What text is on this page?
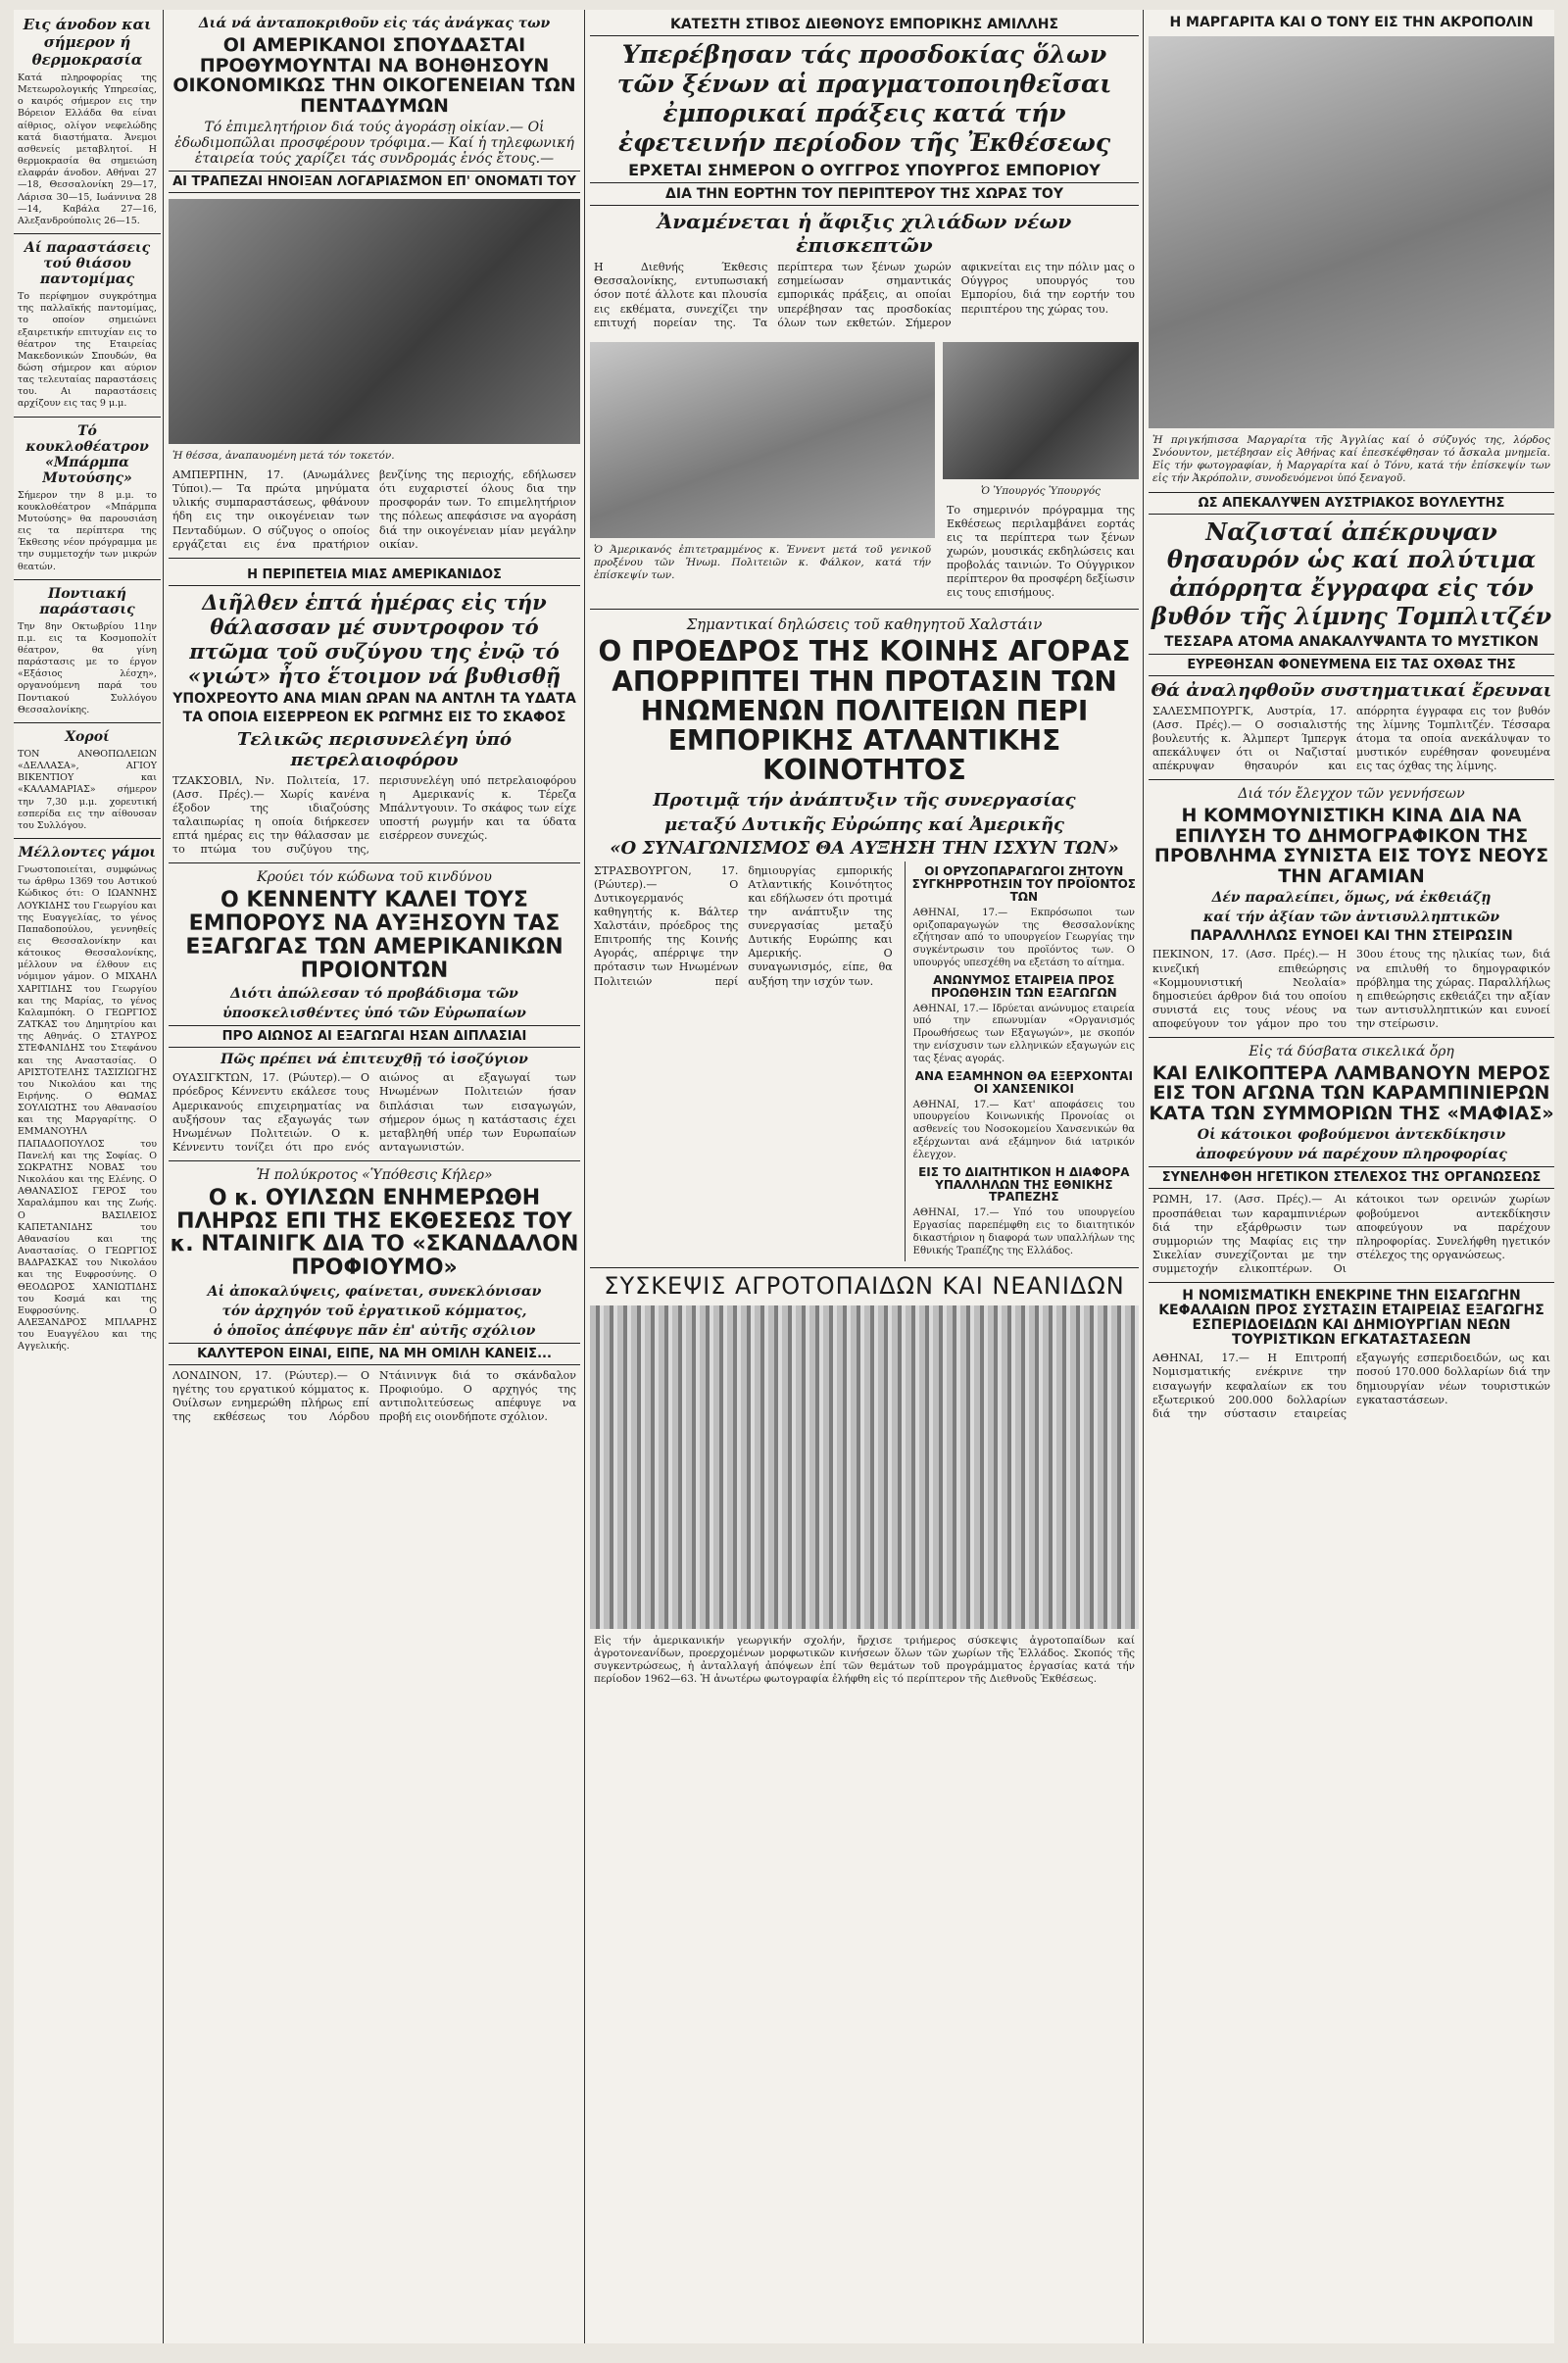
Εις άνοδον και σήμερον ή θερμοκρασία
Κατά πληροφορίας της Μετεωρολογικής Υπηρεσίας, ο καιρός σήμερον εις την Βόρειον Ελλάδα θα είναι αίθριος, ολίγον νεφελώδης κατά διαστήματα. Άνεμοι ασθενείς μεταβλητοί. Η θερμοκρασία θα σημειώση ελαφράν άνοδον. Αθήναι 27—18, Θεσσαλονίκη 29—17, Λάρισα 30—15, Ιωάννινα 28—14, Καβάλα 27—16, Αλεξανδρούπολις 26—15.
Αί παραστάσεις τού θιάσου παντομίμας
Το περίφημον συγκρότημα της παλλαϊκής παντομίμας, το οποίον σημειώνει εξαιρετικήν επιτυχίαν εις το θέατρον της Εταιρείας Μακεδονικών Σπουδών, θα δώση σήμερον και αύριον τας τελευταίας παραστάσεις του. Αι παραστάσεις αρχίζουν εις τας 9 μ.μ.
Τό κουκλοθέατρον «Μπάρμπα Μυτούσης»
Σήμερον την 8 μ.μ. το κουκλοθέατρον «Μπάρμπα Μυτούσης» θα παρουσιάση εις τα περίπτερα της Έκθεσης νέον πρόγραμμα με την συμμετοχήν των μικρών θεατών.
Ποντιακή παράστασις
Την 8ην Οκτωβρίου 11ην π.μ. εις τα Κοσμοπολίτ θέατρον, θα γίνη παράστασις με το έργον «Εξάσιος λέσχη», οργανούμενη παρά του Ποντιακού Συλλόγου Θεσσαλονίκης.
Χοροί
ΤΟΝ ΑΝΘΟΠΩΛΕΙΩΝ «ΔΕΛΛΑΣΑ», ΑΓΙΟΥ ΒΙΚΕΝΤΙΟΥ και «ΚΑΛΑΜΑΡΙΑΣ» σήμερον την 7,30 μ.μ. χορευτική εσπερίδα εις την αίθουσαν του Συλλόγου.
Μέλλοντες γάμοι
Γνωστοποιείται, συμφώνως τω άρθρω 1369 του Αστικού Κώδικος ότι: Ο ΙΩΑΝΝΗΣ ΛΟΥΚΙΔΗΣ του Γεωργίου και της Ευαγγελίας, το γένος Παπαδοπούλου, γεννηθείς εις Θεσσαλονίκην και κάτοικος Θεσσαλονίκης, μέλλουν να έλθουν εις νόμιμον γάμον. Ο ΜΙΧΑΗΛ ΧΑΡΙΤΙΔΗΣ του Γεωργίου και της Μαρίας, το γένος Καλαμπόκη. Ο ΓΕΩΡΓΙΟΣ ΖΑΤΚΑΣ του Δημητρίου και της Αθηνάς. Ο ΣΤΑΥΡΟΣ ΣΤΕΦΑΝΙΔΗΣ του Στεφάνου και της Αναστασίας. Ο ΑΡΙΣΤΟΤΕΛΗΣ ΤΑΣΙΖΙΩΓΗΣ του Νικολάου και της Ειρήνης. Ο ΘΩΜΑΣ ΣΟΥΛΙΩΤΗΣ του Αθανασίου και της Μαργαρίτης. Ο ΕΜΜΑΝΟΥΗΛ ΠΑΠΑΔΟΠΟΥΛΟΣ του Πανελή και της Σοφίας. Ο ΣΩΚΡΑΤΗΣ ΝΟΒΑΣ του Νικολάου και της Ελένης. Ο ΑΘΑΝΑΣΙΟΣ ΓΕΡΟΣ του Χαραλάμπου και της Ζωής. Ο ΒΑΣΙΛΕΙΟΣ ΚΑΠΕΤΑΝΙΔΗΣ του Αθανασίου και της Αναστασίας. Ο ΓΕΩΡΓΙΟΣ ΒΑΔΡΑΣΚΑΣ του Νικολάου και της Ευφροσύνης. Ο ΘΕΟΔΩΡΟΣ ΧΑΝΙΩΤΙΔΗΣ του Κοσμά και της Ευφροσύνης. Ο ΑΛΕΞΑΝΔΡΟΣ ΜΠΛΑΡΗΣ του Ευαγγέλου και της Αγγελικής.
Διά νά ἀνταποκριθοῦν εἰς τάς ἀνάγκας των
ΟΙ ΑΜΕΡΙΚΑΝΟΙ ΣΠΟΥΔΑΣΤΑΙ ΠΡΟΘΥΜΟΥΝΤΑΙ ΝΑ ΒΟΗΘΗΣΟΥΝ ΟΙΚΟΝΟΜΙΚΩΣ ΤΗΝ ΟΙΚΟΓΕΝΕΙΑΝ ΤΩΝ ΠΕΝΤΑΔΥΜΩΝ
Τό ἐπιμελητήριον διά τούς ἀγοράσῃ οἰκίαν.— Οἱ ἐδωδιμοπῶλαι προσφέρουν τρόφιμα.— Καί ἡ τηλεφωνική ἑταιρεία τούς χαρίζει τάς συνδρομάς ἑνός ἔτους.—
ΑΙ ΤΡΑΠΕΖΑΙ ΗΝΟΙΞΑΝ ΛΟΓΑΡΙΑΣΜΟΝ ΕΠ' ΟΝΟΜΑΤΙ ΤΟΥ
Ἡ θέσσα, ἀναπαυομένη μετά τόν τοκετόν.
ΑΜΠΕΡΠΗΝ, 17. (Ανωμάλνες Τύποι).— Τα πρώτα μηνύματα υλικής συμπαραστάσεως, φθάνουν ήδη εις την οικογένειαν των Πενταδύμων. Ο σύζυγος ο οποίος εργάζεται εις ένα πρατήριον βενζίνης της περιοχής, εδήλωσεν ότι ευχαριστεί όλους δια την προσφοράν των. Το επιμελητήριον της πόλεως απεφάσισε να αγοράση διά την οικογένειαν μίαν μεγάλην οικίαν.
Η ΠΕΡΙΠΕΤΕΙΑ ΜΙΑΣ ΑΜΕΡΙΚΑΝΙΔΟΣ
Διῆλθεν ἑπτά ἡμέρας εἰς τήν θάλασσαν μέ συντροφον τό πτῶμα τοῦ συζύγου της ἐνῷ τό «γιώτ» ἦτο ἕτοιμον νά βυθισθῇ
ΥΠΟΧΡΕΟΥΤΟ ΑΝΑ ΜΙΑΝ ΩΡΑΝ ΝΑ ΑΝΤΛΗ ΤΑ ΥΔΑΤΑ
ΤΑ ΟΠΟΙΑ ΕΙΣΕΡΡΕΟΝ ΕΚ ΡΩΓΜΗΣ ΕΙΣ ΤΟ ΣΚΑΦΟΣ
Τελικῶς περισυνελέγη ὑπό πετρελαιοφόρου
ΤΖΑΚΣΟΒΙΛ, Νν. Πολιτεία, 17. (Ασσ. Πρές).— Χωρίς κανένα έξοδον της ιδιαζούσης ταλαιπωρίας η οποία διήρκεσεν επτά ημέρας εις την θάλασσαν με το πτώμα του συζύγου της, περισυνελέγη υπό πετρελαιοφόρου η Αμερικανίς κ. Τέρεζα Μπάλντγουιν. Το σκάφος των είχε υποστή ρωγμήν και τα ύδατα εισέρρεον συνεχώς.
Κρούει τόν κώδωνα τοῦ κινδύνου
Ο ΚΕΝΝΕΝΤΥ ΚΑΛΕΙ ΤΟΥΣ ΕΜΠΟΡΟΥΣ ΝΑ ΑΥΞΗΣΟΥΝ ΤΑΣ ΕΞΑΓΩΓΑΣ ΤΩΝ ΑΜΕΡΙΚΑΝΙΚΩΝ ΠΡΟΙΟΝΤΩΝ
Διότι ἀπώλεσαν τό προβάδισμα τῶν
ὑποσκελισθέντες ὑπό τῶν Εὐρωπαίων
ΠΡΟ ΑΙΩΝΟΣ ΑΙ ΕΞΑΓΩΓΑΙ ΗΣΑΝ ΔΙΠΛΑΣΙΑΙ
Πῶς πρέπει νά ἐπιτευχθῇ τό ἰσοζύγιον
ΟΥΑΣΙΓΚΤΩΝ, 17. (Ρώυτερ).— Ο πρόεδρος Κέννεντυ εκάλεσε τους Αμερικανούς επιχειρηματίας να αυξήσουν τας εξαγωγάς των Ηνωμένων Πολιτειών. Ο κ. Κέννεντυ τονίζει ότι προ ενός αιώνος αι εξαγωγαί των Ηνωμένων Πολιτειών ήσαν διπλάσιαι των εισαγωγών, σήμερον όμως η κατάστασις έχει μεταβληθή υπέρ των Ευρωπαίων ανταγωνιστών.
Ἡ πολύκροτος «Ὑπόθεσις Κήλερ»
Ο κ. ΟΥΙΛΣΩΝ ΕΝΗΜΕΡΩΘΗ ΠΛΗΡΩΣ ΕΠΙ ΤΗΣ ΕΚΘΕΣΕΩΣ ΤΟΥ κ. ΝΤΑΙΝΙΓΚ ΔΙΑ ΤΟ «ΣΚΑΝΔΑΛΟΝ ΠΡΟΦΙΟΥΜΟ»
Αἱ ἀποκαλύψεις, φαίνεται, συνεκλόνισαν
τόν ἀρχηγόν τοῦ ἐργατικοῦ κόμματος,
ὁ ὁποῖος ἀπέφυγε πᾶν ἐπ' αὐτῆς σχόλιον
ΚΑΛΥΤΕΡΟΝ ΕΙΝΑΙ, ΕΙΠΕ, ΝΑ ΜΗ ΟΜΙΛΗ ΚΑΝΕΙΣ...
ΛΟΝΔΙΝΟΝ, 17. (Ρώυτερ).— Ο ηγέτης του εργατικού κόμματος κ. Ουίλσων ενημερώθη πλήρως επί της εκθέσεως του Λόρδου Ντάινινγκ διά το σκάνδαλον Προφιούμο. Ο αρχηγός της αντιπολιτεύσεως απέφυγε να προβή εις οιονδήποτε σχόλιον.
ΚΑΤΕΣΤΗ ΣΤΙΒΟΣ ΔΙΕΘΝΟΥΣ ΕΜΠΟΡΙΚΗΣ ΑΜΙΛΛΗΣ
Υπερέβησαν τάς προσδοκίας ὅλων τῶν ξένων αἱ πραγματοποιηθεῖσαι ἐμπορικαί πράξεις κατά τήν ἐφετεινήν περίοδον τῆς Ἐκθέσεως
ΕΡΧΕΤΑΙ ΣΗΜΕΡΟΝ Ο ΟΥΓΓΡΟΣ ΥΠΟΥΡΓΟΣ ΕΜΠΟΡΙΟΥ
ΔΙΑ ΤΗΝ ΕΟΡΤΗΝ ΤΟΥ ΠΕΡΙΠΤΕΡΟΥ ΤΗΣ ΧΩΡΑΣ ΤΟΥ
Ἀναμένεται ἡ ἄφιξις χιλιάδων νέων ἐπισκεπτῶν
Η Διεθνής Έκθεσις Θεσσαλονίκης, εντυπωσιακή όσον ποτέ άλλοτε και πλουσία εις εκθέματα, συνεχίζει την επιτυχή πορείαν της. Τα περίπτερα των ξένων χωρών εσημείωσαν σημαντικάς εμπορικάς πράξεις, αι οποίαι υπερέβησαν τας προσδοκίας όλων των εκθετών. Σήμερον αφικνείται εις την πόλιν μας ο Ούγγρος υπουργός του Εμπορίου, διά την εορτήν του περιπτέρου της χώρας του.
Ὁ Ἀμερικανός ἐπιτετραμμένος κ. Ἐννεντ μετά τοῦ γενικοῦ προξένου τῶν Ἡνωμ. Πολιτειῶν κ. Φάλκον, κατά τήν ἐπίσκεψίν των.
Ὁ Ὑπουργός Ὑπουργός
Το σημερινόν πρόγραμμα της Εκθέσεως περιλαμβάνει εορτάς εις τα περίπτερα των ξένων χωρών, μουσικάς εκδηλώσεις και προβολάς ταινιών. Το Ούγγρικον περίπτερον θα προσφέρη δεξίωσιν εις τους επισήμους.
Σημαντικαί δηλώσεις τοῦ καθηγητοῦ Χαλστάιν
Ο ΠΡΟΕΔΡΟΣ ΤΗΣ ΚΟΙΝΗΣ ΑΓΟΡΑΣ ΑΠΟΡΡΙΠΤΕΙ ΤΗΝ ΠΡΟΤΑΣΙΝ ΤΩΝ ΗΝΩΜΕΝΩΝ ΠΟΛΙΤΕΙΩΝ ΠΕΡΙ ΕΜΠΟΡΙΚΗΣ ΑΤΛΑΝΤΙΚΗΣ ΚΟΙΝΟΤΗΤΟΣ
Προτιμᾷ τήν ἀνάπτυξιν τῆς συνεργασίας
μεταξύ Δυτικῆς Εὐρώπης καί Ἀμερικῆς
«Ο ΣΥΝΑΓΩΝΙΣΜΟΣ ΘΑ ΑΥΞΗΣΗ ΤΗΝ ΙΣΧΥΝ ΤΩΝ»
ΣΤΡΑΣΒΟΥΡΓΟΝ, 17. (Ρώυτερ).— Ο Δυτικογερμανός καθηγητής κ. Βάλτερ Χαλστάιν, πρόεδρος της Επιτροπής της Κοινής Αγοράς, απέρριψε την πρότασιν των Ηνωμένων Πολιτειών περί δημιουργίας εμπορικής Ατλαντικής Κοινότητος και εδήλωσεν ότι προτιμά την ανάπτυξιν της συνεργασίας μεταξύ Δυτικής Ευρώπης και Αμερικής. Ο συναγωνισμός, είπε, θα αυξήση την ισχύν των.
ΟΙ ΟΡΥΖΟΠΑΡΑΓΩΓΟΙ ΖΗΤΟΥΝ ΣΥΓΚΗΡΡΟΤΗΣΙΝ ΤΟΥ ΠΡΟΪΟΝΤΟΣ ΤΩΝ
ΑΘΗΝΑΙ, 17.— Εκπρόσωποι των οριζοπαραγωγών της Θεσσαλονίκης εζήτησαν από το υπουργείον Γεωργίας την συγκέντρωσιν του προϊόντος των. Ο υπουργός υπεσχέθη να εξετάση το αίτημα.
ΑΝΩΝΥΜΟΣ ΕΤΑΙΡΕΙΑ ΠΡΟΣ ΠΡΟΩΘΗΣΙΝ ΤΩΝ ΕΞΑΓΩΓΩΝ
ΑΘΗΝΑΙ, 17.— Ιδρύεται ανώνυμος εταιρεία υπό την επωνυμίαν «Οργανισμός Προωθήσεως των Εξαγωγών», με σκοπόν την ενίσχυσιν των ελληνικών εξαγωγών εις τας ξένας αγοράς.
ΑΝΑ ΕΞΑΜΗΝΟΝ ΘΑ ΕΞΕΡΧΟΝΤΑΙ ΟΙ ΧΑΝΣΕΝΙΚΟΙ
ΑΘΗΝΑΙ, 17.— Κατ' αποφάσεις του υπουργείου Κοινωνικής Προνοίας οι ασθενείς του Νοσοκομείου Χανσενικών θα εξέρχωνται ανά εξάμηνον διά ιατρικόν έλεγχον.
ΕΙΣ ΤΟ ΔΙΑΙΤΗΤΙΚΟΝ Η ΔΙΑΦΟΡΑ ΥΠΑΛΛΗΛΩΝ ΤΗΣ ΕΘΝΙΚΗΣ ΤΡΑΠΕΖΗΣ
ΑΘΗΝΑΙ, 17.— Υπό του υπουργείου Εργασίας παρεπέμφθη εις το διαιτητικόν δικαστήριον η διαφορά των υπαλλήλων της Εθνικής Τραπέζης της Ελλάδος.
ΣΥΣΚΕΨΙΣ ΑΓΡΟΤΟΠΑΙΔΩΝ ΚΑΙ ΝΕΑΝΙΔΩΝ
Εἰς τήν ἀμερικανικήν γεωργικήν σχολήν, ἤρχισε τριήμερος σύσκεψις ἀγροτοπαίδων καί ἀγροτονεανίδων, προερχομένων μορφωτικῶν κινήσεων ὅλων τῶν χωρίων τῆς Ἑλλάδος. Σκοπός τῆς συγκεντρώσεως, ἡ ἀνταλλαγή ἀπόψεων ἐπί τῶν θεμάτων τοῦ προγράμματος ἐργασίας κατά τήν περίοδον 1962—63. Ἡ ἀνωτέρω φωτογραφία ἐλήφθη εἰς τό περίπτερον τῆς Διεθνοῦς Ἐκθέσεως.
Η ΜΑΡΓΑΡΙΤΑ ΚΑΙ Ο ΤΟΝΥ ΕΙΣ ΤΗΝ ΑΚΡΟΠΟΛΙΝ
Ἡ πριγκήπισσα Μαργαρίτα τῆς Ἀγγλίας καί ὁ σύζυγός της, λόρδος Σνόουντον, μετέβησαν εἰς Ἀθήνας καί ἐπεσκέφθησαν τό ἄσκαλα μνημεῖα. Εἰς τήν φωτογραφίαν, ἡ Μαργαρίτα καί ὁ Τόνυ, κατά τήν ἐπίσκεψίν των εἰς τήν Ἀκρόπολιν, συνοδευόμενοι ὑπό ξεναγοῦ.
ΩΣ ΑΠΕΚΑΛΥΨΕΝ ΑΥΣΤΡΙΑΚΟΣ ΒΟΥΛΕΥΤΗΣ
Ναζισταί ἀπέκρυψαν θησαυρόν ὡς καί πολύτιμα ἀπόρρητα ἔγγραφα εἰς τόν βυθόν τῆς λίμνης Τομπλιτζέν
ΤΕΣΣΑΡΑ ΑΤΟΜΑ ΑΝΑΚΑΛΥΨΑΝΤΑ ΤΟ ΜΥΣΤΙΚΟΝ
ΕΥΡΕΘΗΣΑΝ ΦΟΝΕΥΜΕΝΑ ΕΙΣ ΤΑΣ ΟΧΘΑΣ ΤΗΣ
Θά ἀναληφθοῦν συστηματικαί ἔρευναι
ΣΑΛΕΣΜΠΟΥΡΓΚ, Αυστρία, 17. (Ασσ. Πρές).— Ο σοσιαλιστής βουλευτής κ. Άλμπερτ Ίμπεργκ απεκάλυψεν ότι οι Ναζισταί απέκρυψαν θησαυρόν και απόρρητα έγγραφα εις τον βυθόν της λίμνης Τομπλιτζέν. Τέσσαρα άτομα τα οποία ανεκάλυψαν το μυστικόν ευρέθησαν φονευμένα εις τας όχθας της λίμνης.
Διά τόν ἔλεγχον τῶν γεννήσεων
Η ΚΟΜΜΟΥΝΙΣΤΙΚΗ ΚΙΝΑ ΔΙΑ ΝΑ ΕΠΙΛΥΣΗ ΤΟ ΔΗΜΟΓΡΑΦΙΚΟΝ ΤΗΣ ΠΡΟΒΛΗΜΑ ΣΥΝΙΣΤΑ ΕΙΣ ΤΟΥΣ ΝΕΟΥΣ ΤΗΝ ΑΓΑΜΙΑΝ
Δέν παραλείπει, ὅμως, νά ἐκθειάζῃ
καί τήν ἀξίαν τῶν ἀντισυλληπτικῶν
ΠΑΡΑΛΛΗΛΩΣ ΕΥΝΟΕΙ ΚΑΙ ΤΗΝ ΣΤΕΙΡΩΣΙΝ
ΠΕΚΙΝΟΝ, 17. (Ασσ. Πρές).— Η κινεζική επιθεώρησις «Κομμουνιστική Νεολαία» δημοσιεύει άρθρον διά του οποίου συνιστά εις τους νέους να αποφεύγουν τον γάμον προ του 30ου έτους της ηλικίας των, διά να επιλυθή το δημογραφικόν πρόβλημα της χώρας. Παραλλήλως η επιθεώρησις εκθειάζει την αξίαν των αντισυλληπτικών και ευνοεί την στείρωσιν.
Εἰς τά δύσβατα σικελικά ὄρη
ΚΑΙ ΕΛΙΚΟΠΤΕΡΑ ΛΑΜΒΑΝΟΥΝ ΜΕΡΟΣ ΕΙΣ ΤΟΝ ΑΓΩΝΑ ΤΩΝ ΚΑΡΑΜΠΙΝΙΕΡΩΝ ΚΑΤΑ ΤΩΝ ΣΥΜΜΟΡΙΩΝ ΤΗΣ «ΜΑΦΙΑΣ»
Οἱ κάτοικοι φοβούμενοι ἀντεκδίκησιν
ἀποφεύγουν νά παρέχουν πληροφορίας
ΣΥΝΕΛΗΦΘΗ ΗΓΕΤΙΚΟΝ ΣΤΕΛΕΧΟΣ ΤΗΣ ΟΡΓΑΝΩΣΕΩΣ
ΡΩΜΗ, 17. (Ασσ. Πρές).— Αι προσπάθειαι των καραμπινιέρων διά την εξάρθρωσιν των συμμοριών της Μαφίας εις την Σικελίαν συνεχίζονται με την συμμετοχήν ελικοπτέρων. Οι κάτοικοι των ορεινών χωρίων φοβούμενοι αντεκδίκησιν αποφεύγουν να παρέχουν πληροφορίας. Συνελήφθη ηγετικόν στέλεχος της οργανώσεως.
Η ΝΟΜΙΣΜΑΤΙΚΗ ΕΝΕΚΡΙΝΕ ΤΗΝ ΕΙΣΑΓΩΓΗΝ ΚΕΦΑΛΑΙΩΝ ΠΡΟΣ ΣΥΣΤΑΣΙΝ ΕΤΑΙΡΕΙΑΣ ΕΞΑΓΩΓΗΣ ΕΣΠΕΡΙΔΟΕΙΔΩΝ ΚΑΙ ΔΗΜΙΟΥΡΓΙΑΝ ΝΕΩΝ ΤΟΥΡΙΣΤΙΚΩΝ ΕΓΚΑΤΑΣΤΑΣΕΩΝ
ΑΘΗΝΑΙ, 17.— Η Επιτροπή Νομισματικής ενέκρινε την εισαγωγήν κεφαλαίων εκ του εξωτερικού 200.000 δολλαρίων διά την σύστασιν εταιρείας εξαγωγής εσπεριδοειδών, ως και ποσού 170.000 δολλαρίων διά την δημιουργίαν νέων τουριστικών εγκαταστάσεων.
